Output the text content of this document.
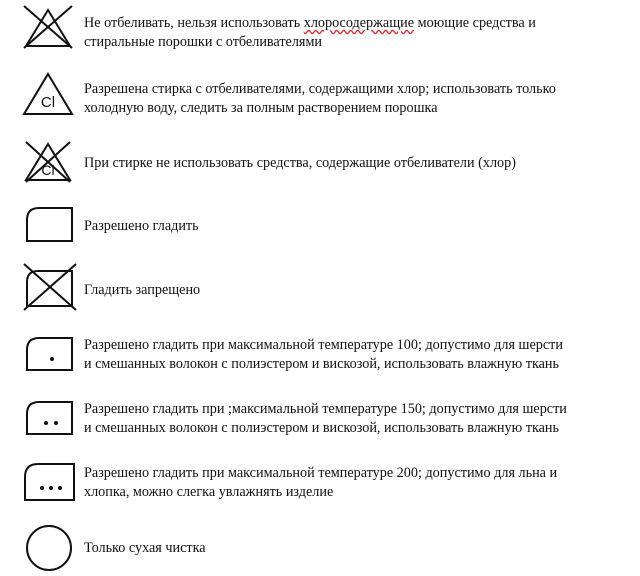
Не отбеливать, нельзя использовать хлоросодержащие моющие средства и
стиральные порошки с отбеливателями
Cl
Разрешена стирка с отбеливателями, содержащими хлор; использовать только
холодную воду, следить за полным растворением порошка
Cl При стирке не использовать средства, содержащие отбеливатели (хлор)
Разрешено гладить
Гладить запрещено
Разрешено гладить при максимальной температуре 100; допустимо для шерсти
и смешанных волокон с полиэстером и вискозой, использовать влажную ткань
Разрешено гладить при ;максимальной температуре 150; допустимо для шерсти
и смешанных волокон с полиэстером и вискозой, использовать влажную ткань
Разрешено гладить при максимальной температуре 200; допустимо для льна и
хлопка, можно слегка увлажнять изделие
Только сухая чистка
